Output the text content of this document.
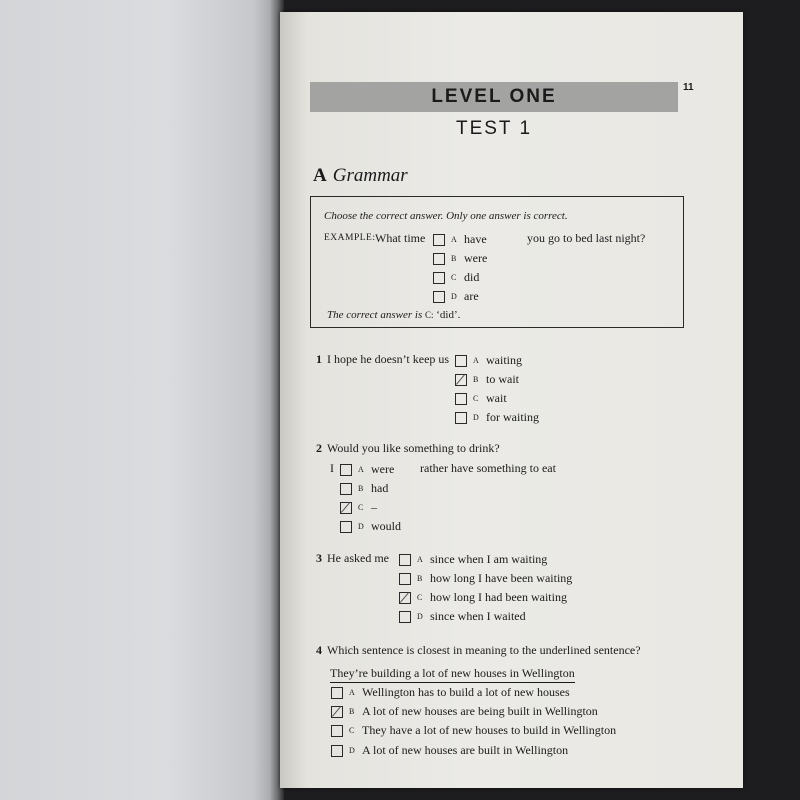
11
LEVEL ONE
TEST 1
A Grammar
Choose the correct answer. Only one answer is correct.
EXAMPLE: What time	you go to bed last night?
A have
B were
C did
D are
The correct answer is C: ‘did’.
1 I hope he doesn’t keep us	A waiting
B to wait
C wait
D for waiting
2 Would you like something to drink?
I	rather have something to eat
A were
B had
C –
D would
3 He asked me	A since when I am waiting
B how long I have been waiting
C how long I had been waiting
D since when I waited
4 Which sentence is closest in meaning to the underlined sentence?
They’re building a lot of new houses in Wellington
A Wellington has to build a lot of new houses
B A lot of new houses are being built in Wellington
C They have a lot of new houses to build in Wellington
D A lot of new houses are built in Wellington
